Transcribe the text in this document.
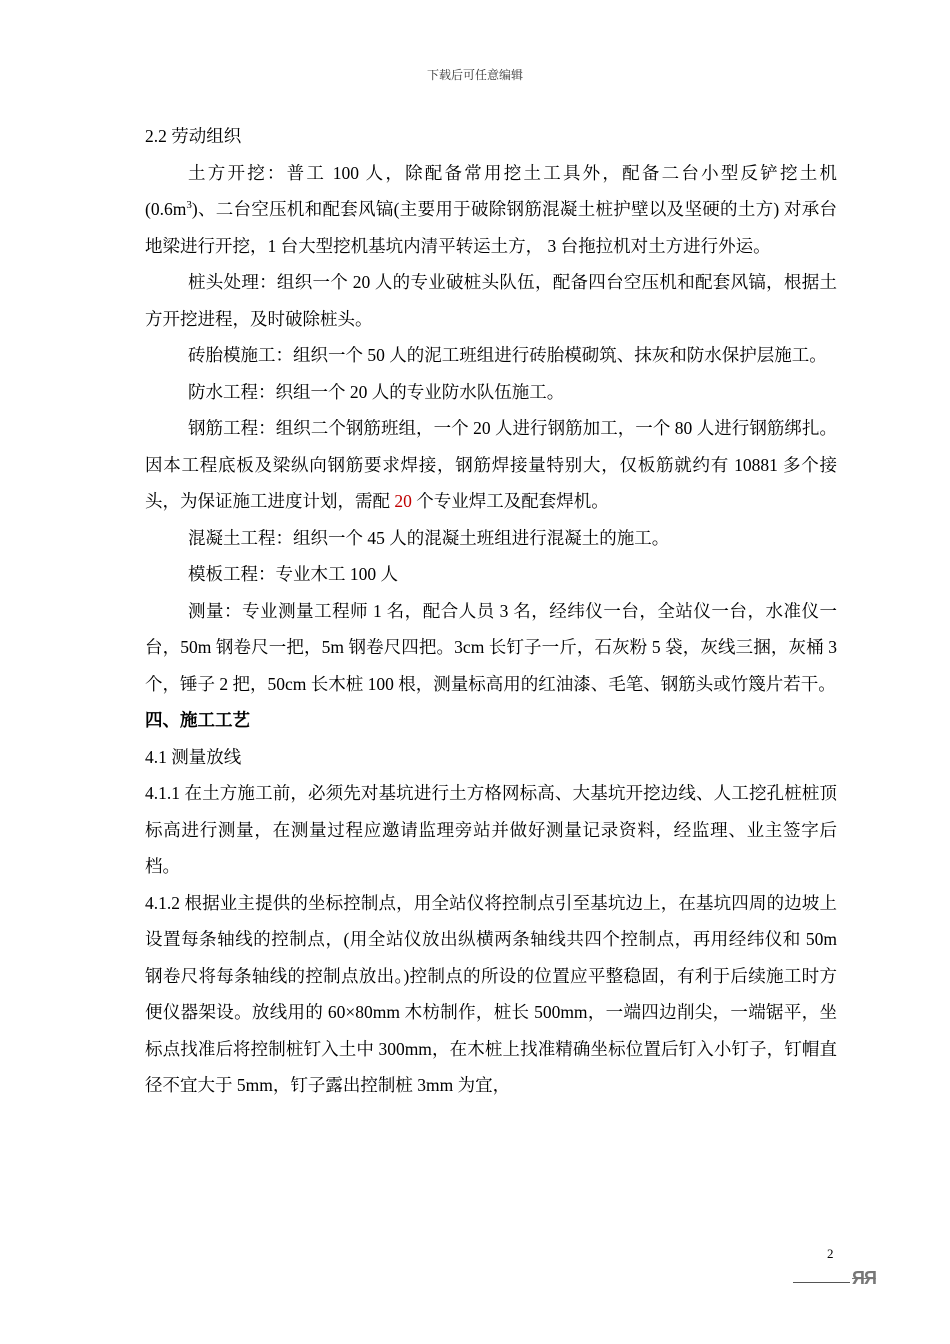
下载后可任意编辑

2.2 劳动组织

土方开挖：普工 100 人，除配备常用挖土工具外，配备二台小型反铲挖土机 $(0.6m^3)$、二台空压机和配套风镐(主要用于破除钢筋混凝土桩护壁以及坚硬的土方) 对承台地梁进行开挖，1 台大型挖机基坑内清平转运土方， 3 台拖拉机对土方进行外运。

桩头处理：组织一个 20 人的专业破桩头队伍，配备四台空压机和配套风镐，根据土方开挖进程，及时破除桩头。

砖胎模施工：组织一个 50 人的泥工班组进行砖胎模砌筑、抹灰和防水保护层施工。

防水工程：织组一个 20 人的专业防水队伍施工。

钢筋工程：组织二个钢筋班组，一个 20 人进行钢筋加工，一个 80 人进行钢筋绑扎。因本工程底板及梁纵向钢筋要求焊接，钢筋焊接量特别大，仅板筋就约有 10881 多个接头，为保证施工进度计划，需配 20 个专业焊工及配套焊机。

混凝土工程：组织一个 45 人的混凝土班组进行混凝土的施工。

模板工程：专业木工 100 人

测量：专业测量工程师 1 名，配合人员 3 名，经纬仪一台，全站仪一台，水准仪一台，50m 钢卷尺一把，5m 钢卷尺四把。3cm 长钉子一斤，石灰粉 5 袋，灰线三捆，灰桶 3 个，锤子 2 把，50cm 长木桩 100 根，测量标高用的红油漆、毛笔、钢筋头或竹篾片若干。

四、施工工艺

4.1 测量放线

4.1.1 在土方施工前，必须先对基坑进行土方格网标高、大基坑开挖边线、人工挖孔桩桩顶标高进行测量，在测量过程应邀请监理旁站并做好测量记录资料，经监理、业主签字后档。

4.1.2 根据业主提供的坐标控制点，用全站仪将控制点引至基坑边上，在基坑四周的边坡上设置每条轴线的控制点，(用全站仪放出纵横两条轴线共四个控制点，再用经纬仪和 50m 钢卷尺将每条轴线的控制点放出。)控制点的所设的位置应平整稳固，有利于后续施工时方便仪器架设。放线用的 60×80mm 木枋制作，桩长 500mm，一端四边削尖，一端锯平，坐标点找准后将控制桩钉入土中 300mm，在木桩上找准精确坐标位置后钉入小钉子，钉帽直径不宜大于 5mm，钉子露出控制桩 3mm 为宜，

2
ЯЯ
